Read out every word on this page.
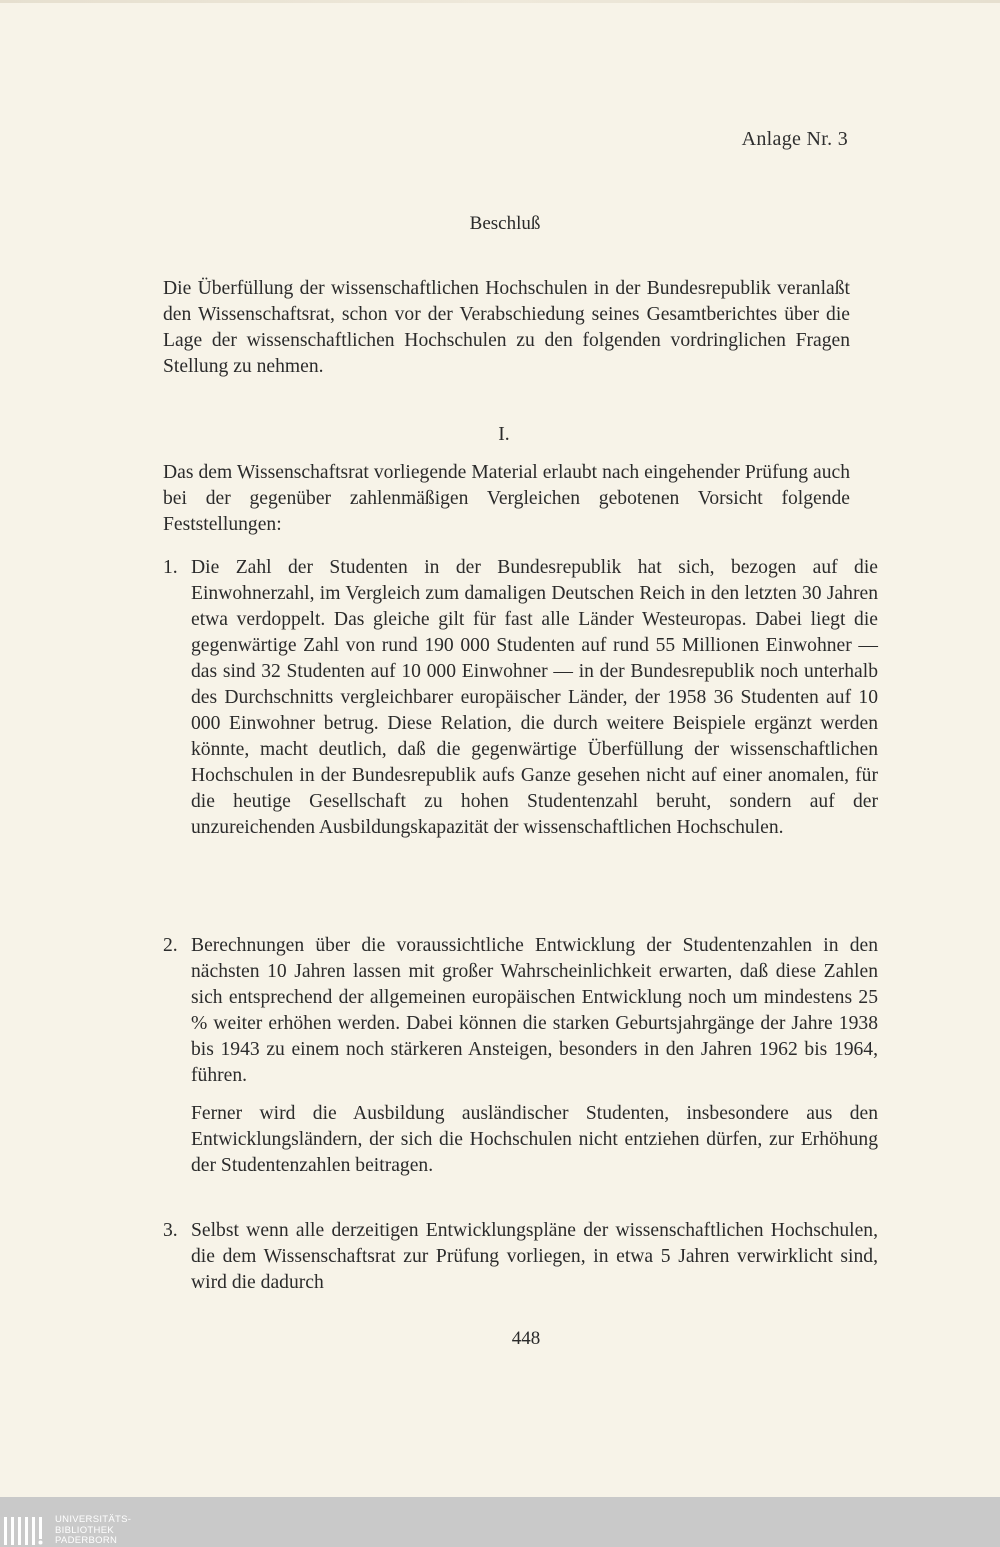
Anlage Nr. 3
Beschluß

Die Überfüllung der wissenschaftlichen Hochschulen in der Bundesrepublik veranlaßt den Wissenschaftsrat, schon vor der Verabschiedung seines Gesamtberichtes über die Lage der wissenschaftlichen Hochschulen zu den folgenden vordringlichen Fragen Stellung zu nehmen.

I.

Das dem Wissenschaftsrat vorliegende Material erlaubt nach eingehender Prüfung auch bei der gegenüber zahlenmäßigen Vergleichen gebotenen Vorsicht folgende Feststellungen:

1. Die Zahl der Studenten in der Bundesrepublik hat sich, bezogen auf die Einwohnerzahl, im Vergleich zum damaligen Deutschen Reich in den letzten 30 Jahren etwa verdoppelt. Das gleiche gilt für fast alle Länder Westeuropas. Dabei liegt die gegenwärtige Zahl von rund 190 000 Studenten auf rund 55 Millionen Einwohner — das sind 32 Studenten auf 10 000 Einwohner — in der Bundesrepublik noch unterhalb des Durchschnitts vergleichbarer europäischer Länder, der 1958 36 Studenten auf 10 000 Einwohner betrug. Diese Relation, die durch weitere Beispiele ergänzt werden könnte, macht deutlich, daß die gegenwärtige Überfüllung der wissenschaftlichen Hochschulen in der Bundesrepublik aufs Ganze gesehen nicht auf einer anomalen, für die heutige Gesellschaft zu hohen Studentenzahl beruht, sondern auf der unzureichenden Ausbildungskapazität der wissenschaftlichen Hochschulen.

2. Berechnungen über die voraussichtliche Entwicklung der Studentenzahlen in den nächsten 10 Jahren lassen mit großer Wahrscheinlichkeit erwarten, daß diese Zahlen sich entsprechend der allgemeinen europäischen Entwicklung noch um mindestens 25 % weiter erhöhen werden. Dabei können die starken Geburtsjahrgänge der Jahre 1938 bis 1943 zu einem noch stärkeren Ansteigen, besonders in den Jahren 1962 bis 1964, führen.

Ferner wird die Ausbildung ausländischer Studenten, insbesondere aus den Entwicklungsländern, der sich die Hochschulen nicht entziehen dürfen, zur Erhöhung der Studentenzahlen beitragen.

3. Selbst wenn alle derzeitigen Entwicklungspläne der wissenschaftlichen Hochschulen, die dem Wissenschaftsrat zur Prüfung vorliegen, in etwa 5 Jahren verwirklicht sind, wird die dadurch

448
UNIVERSITÄTS-
BIBLIOTHEK
PADERBORN
